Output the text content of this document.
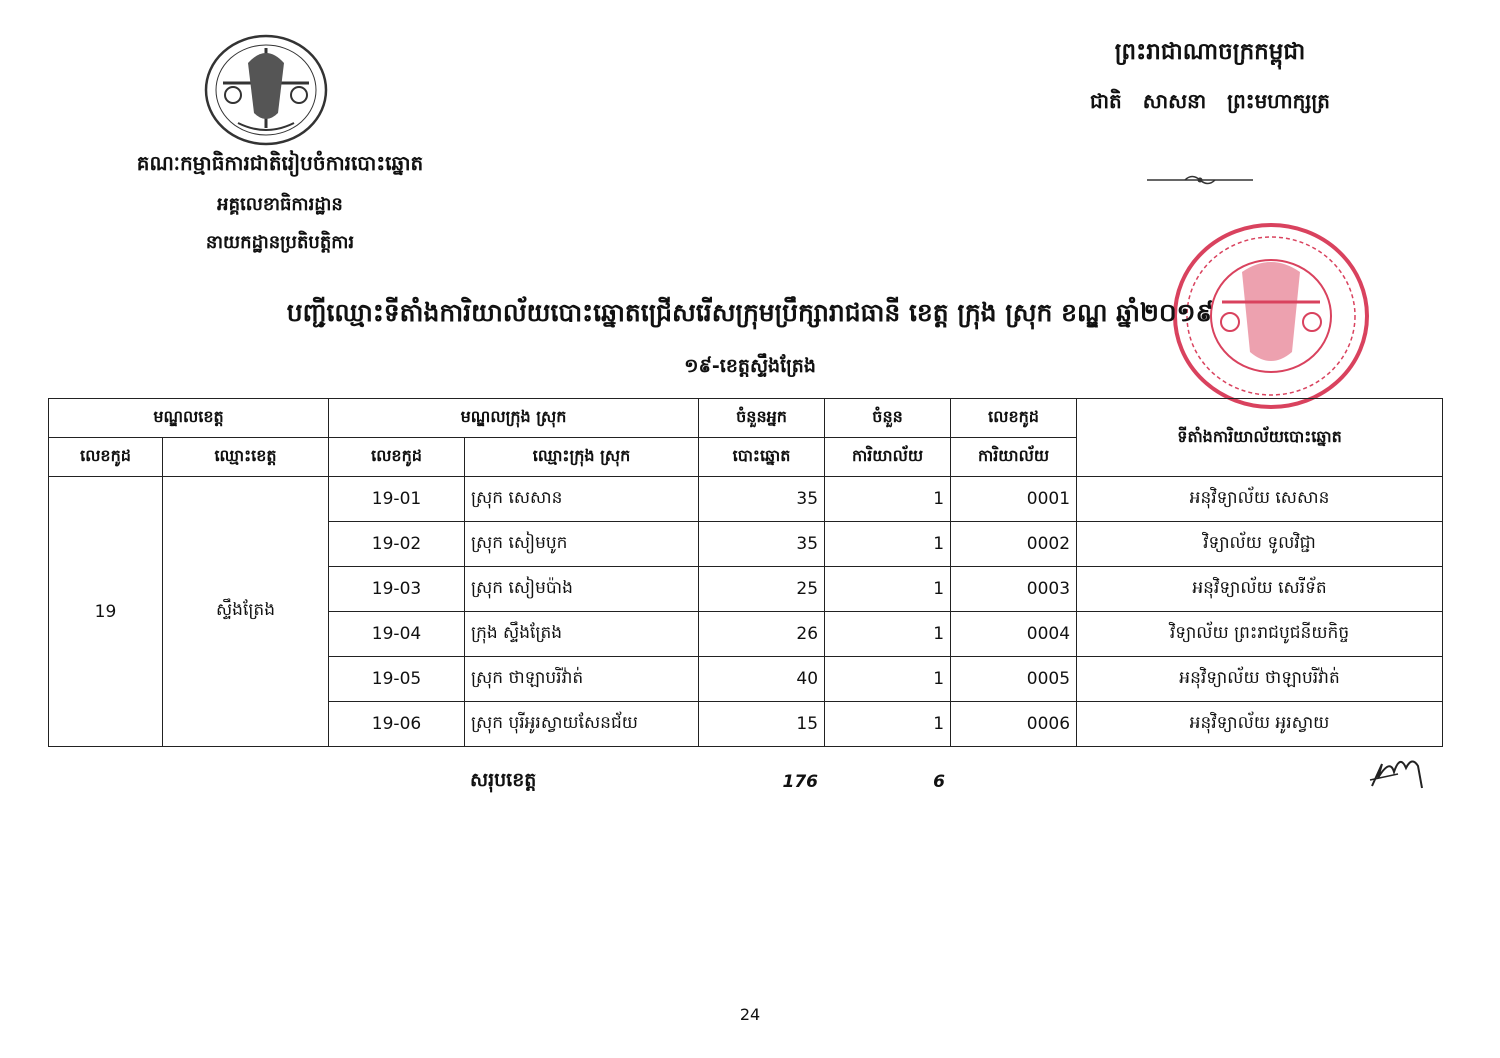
គណៈកម្មាធិការជាតិរៀបចំការបោះឆ្នោត
អគ្គលេខាធិការដ្ឋាន
នាយកដ្ឋានប្រតិបត្តិការ
ព្រះរាជាណាចក្រកម្ពុជា
ជាតិ សាសនា ព្រះមហាក្សត្រ
បញ្ជីឈ្មោះទីតាំងការិយាល័យបោះឆ្នោតជ្រើសរើសក្រុមប្រឹក្សារាជធានី ខេត្ត ក្រុង ស្រុក ខណ្ឌ ឆ្នាំ២០១៩
១៩-ខេត្តស្ទឹងត្រែង
មណ្ឌលខេត្ត		មណ្ឌលក្រុង ស្រុក		ចំនួនអ្នក	ចំនួន	លេខកូដ	ទីតាំងការិយាល័យបោះឆ្នោត
លេខកូដ	ឈ្មោះខេត្ត	លេខកូដ	ឈ្មោះក្រុង ស្រុក	បោះឆ្នោត	ការិយាល័យ	ការិយាល័យ	
19	ស្ទឹងត្រែង	19-01	ស្រុក សេសាន	35	1	0001	អនុវិទ្យាល័យ សេសាន
		19-02	ស្រុក សៀមបូក	35	1	0002	វិទ្យាល័យ ទូលវិជ្ជា
		19-03	ស្រុក សៀមប៉ាង	25	1	0003	អនុវិទ្យាល័យ សេរីទ័ត
		19-04	ក្រុង ស្ទឹងត្រែង	26	1	0004	វិទ្យាល័យ ព្រះរាជបូជនីយកិច្ច
		19-05	ស្រុក ថាឡាបរិវ៉ាត់	40	1	0005	អនុវិទ្យាល័យ ថាឡាបរិវ៉ាត់
		19-06	ស្រុក បុរីអូរស្វាយសែនជ័យ	15	1	0006	អនុវិទ្យាល័យ អូរស្វាយ
សរុបខេត្ត	176	6
24
